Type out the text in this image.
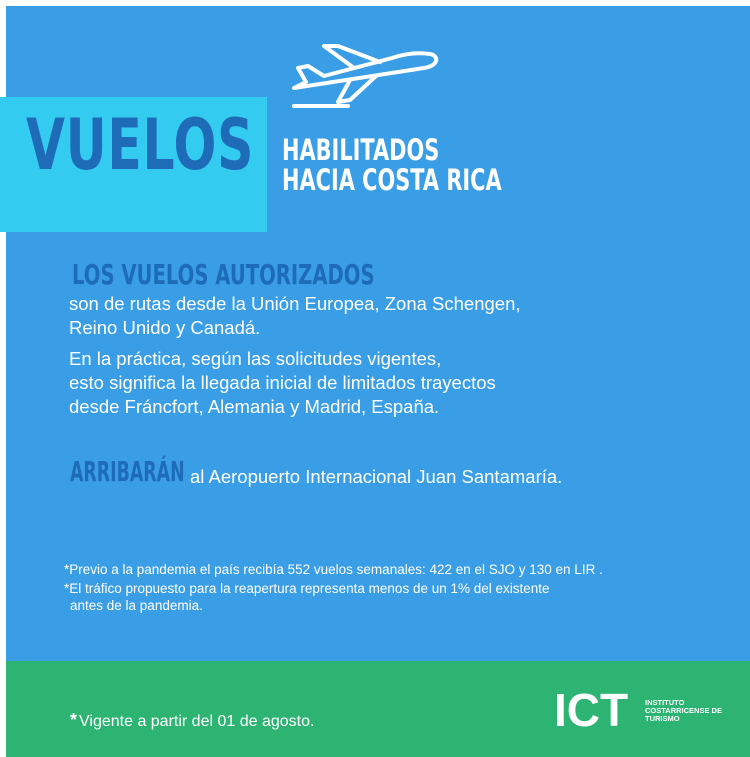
VUELOS HABILITADOS
HACIA COSTA RICA
LOS VUELOS AUTORIZADOS
son de rutas desde la Unión Europea, Zona Schengen,
Reino Unido y Canadá.
En la práctica, según las solicitudes vigentes,
esto significa la llegada inicial de limitados trayectos
desde Fráncfort, Alemania y Madrid, España.
ARRIBARÁN al Aeropuerto Internacional Juan Santamaría.
*Previo a la pandemia el país recibía 552 vuelos semanales: 422 en el SJO y 130 en LIR .
*El tráfico propuesto para la reapertura representa menos de un 1% del existente
antes de la pandemia.
* Vigente a partir del 01 de agosto.	ICT INSTITUTO
COSTARRICENSE DE
TURISMO
